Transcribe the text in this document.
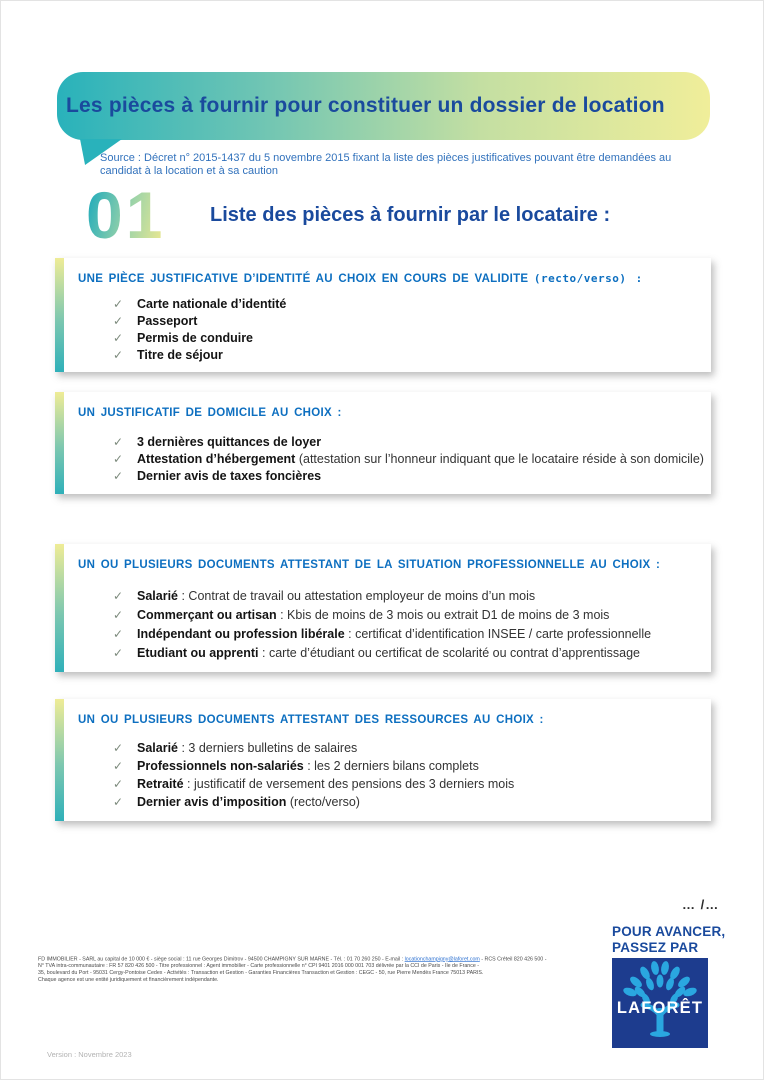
Les pièces à fournir pour constituer un dossier de location
Source : Décret n° 2015-1437 du 5 novembre 2015 fixant la liste des pièces justificatives pouvant être demandées au candidat à la location et à sa caution
01 Liste des pièces à fournir par le locataire :
UNE PIÈCE JUSTIFICATIVE D’IDENTITÉ AU CHOIX EN COURS DE VALIDITE (recto/verso) :
✓ Carte nationale d’identité
✓ Passeport
✓ Permis de conduire
✓ Titre de séjour
UN JUSTIFICATIF DE DOMICILE AU CHOIX :
✓ 3 dernières quittances de loyer
✓ Attestation d’hébergement (attestation sur l’honneur indiquant que le locataire réside à son domicile)
✓ Dernier avis de taxes foncières
UN OU PLUSIEURS DOCUMENTS ATTESTANT DE LA SITUATION PROFESSIONNELLE AU CHOIX :
✓ Salarié : Contrat de travail ou attestation employeur de moins d’un mois
✓ Commerçant ou artisan : Kbis de moins de 3 mois ou extrait D1 de moins de 3 mois
✓ Indépendant ou profession libérale : certificat d’identification INSEE / carte professionnelle
✓ Etudiant ou apprenti : carte d’étudiant ou certificat de scolarité ou contrat d’apprentissage
UN OU PLUSIEURS DOCUMENTS ATTESTANT DES RESSOURCES AU CHOIX :
✓ Salarié : 3 derniers bulletins de salaires
✓ Professionnels non-salariés : les 2 derniers bilans complets
✓ Retraité : justificatif de versement des pensions des 3 derniers mois
✓ Dernier avis d’imposition (recto/verso)
… /…
POUR AVANCER,
PASSEZ PAR
LAFORÊT
FD IMMOBILIER - SARL au capital de 10 000 € - siège social : 11 rue Georges Dimitrov - 94500 CHAMPIGNY SUR MARNE - Tél. : 01 70 260 250 - E-mail : locationchampigny@laforet.com - RCS Créteil 820 426 500 -
N° TVA intra-communautaire : FR 57 820 426 500 - Titre professionnel : Agent immobilier - Carte professionnelle n° CPI 9401 2016 000 001 703 délivrée par la CCI de Paris - Ile de France -
35, boulevard du Port - 95031 Cergy-Pontoise Cedex - Activités : Transaction et Gestion - Garanties Financières Transaction et Gestion : CEGC - 50, rue Pierre Mendès France 75013 PARIS.
Chaque agence est une entité juridiquement et financièrement indépendante.
Version : Novembre 2023
